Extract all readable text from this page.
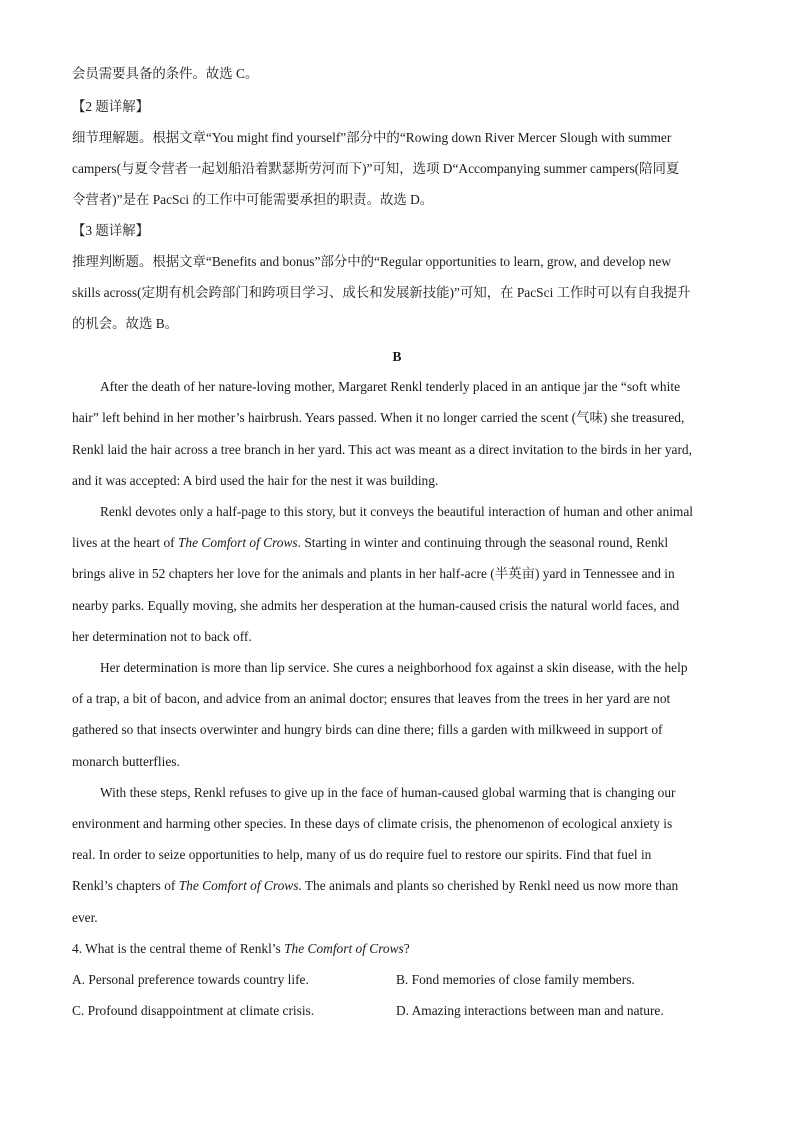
会员需要具备的条件。故选 C。
【2 题详解】
细节理解题。根据文章“You might find yourself”部分中的“Rowing down River Mercer Slough with summer
campers(与夏令营者一起划船沿着默瑟斯劳河而下)”可知，选项 D“Accompanying summer campers(陪同夏
令营者)”是在 PacSci 的工作中可能需要承担的职责。故选 D。
【3 题详解】
推理判断题。根据文章“Benefits and bonus”部分中的“Regular opportunities to learn, grow, and develop new
skills across(定期有机会跨部门和跨项目学习、成长和发展新技能)”可知，在 PacSci 工作时可以有自我提升
的机会。故选 B。
B
After the death of her nature-loving mother, Margaret Renkl tenderly placed in an antique jar the “soft white
hair” left behind in her mother’s hairbrush. Years passed. When it no longer carried the scent (气味) she treasured,
Renkl laid the hair across a tree branch in her yard. This act was meant as a direct invitation to the birds in her yard,
and it was accepted: A bird used the hair for the nest it was building.
Renkl devotes only a half-page to this story, but it conveys the beautiful interaction of human and other animal
lives at the heart of The Comfort of Crows. Starting in winter and continuing through the seasonal round, Renkl
brings alive in 52 chapters her love for the animals and plants in her half-acre (半英亩) yard in Tennessee and in
nearby parks. Equally moving, she admits her desperation at the human-caused crisis the natural world faces, and
her determination not to back off.
Her determination is more than lip service. She cures a neighborhood fox against a skin disease, with the help
of a trap, a bit of bacon, and advice from an animal doctor; ensures that leaves from the trees in her yard are not
gathered so that insects overwinter and hungry birds can dine there; fills a garden with milkweed in support of
monarch butterflies.
With these steps, Renkl refuses to give up in the face of human-caused global warming that is changing our
environment and harming other species. In these days of climate crisis, the phenomenon of ecological anxiety is
real. In order to seize opportunities to help, many of us do require fuel to restore our spirits. Find that fuel in
Renkl’s chapters of The Comfort of Crows. The animals and plants so cherished by Renkl need us now more than
ever.
4. What is the central theme of Renkl’s The Comfort of Crows?
A. Personal preference towards country life.	B. Fond memories of close family members.
C. Profound disappointment at climate crisis.	D. Amazing interactions between man and nature.
